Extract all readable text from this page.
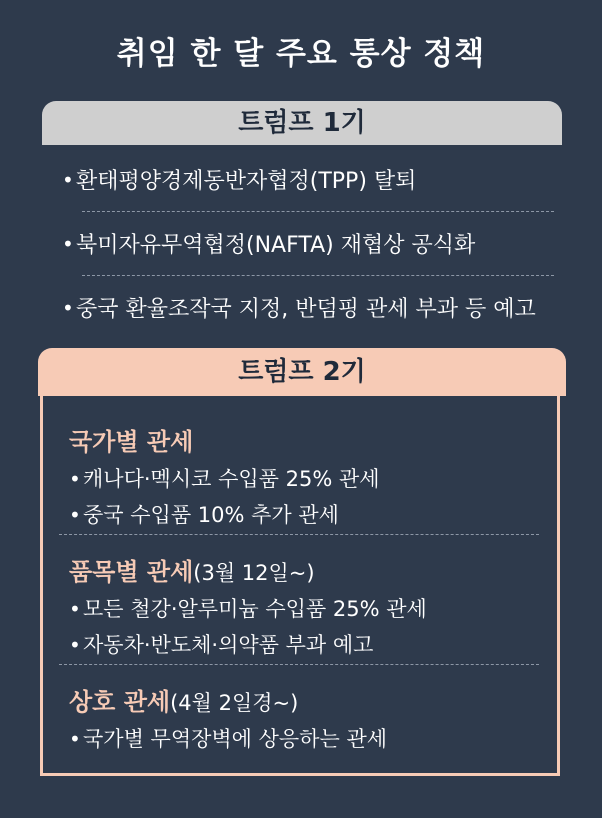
취임 한 달 주요 통상 정책
트럼프 1기
• 환태평양경제동반자협정(TPP) 탈퇴
• 북미자유무역협정(NAFTA) 재협상 공식화
• 중국 환율조작국 지정, 반덤핑 관세 부과 등 예고
트럼프 2기
국가별 관세
• 캐나다·멕시코 수입품 25% 관세
• 중국 수입품 10% 추가 관세
품목별 관세(3월 12일~)
• 모든 철강·알루미늄 수입품 25% 관세
• 자동차·반도체·의약품 부과 예고
상호 관세(4월 2일경~)
• 국가별 무역장벽에 상응하는 관세
